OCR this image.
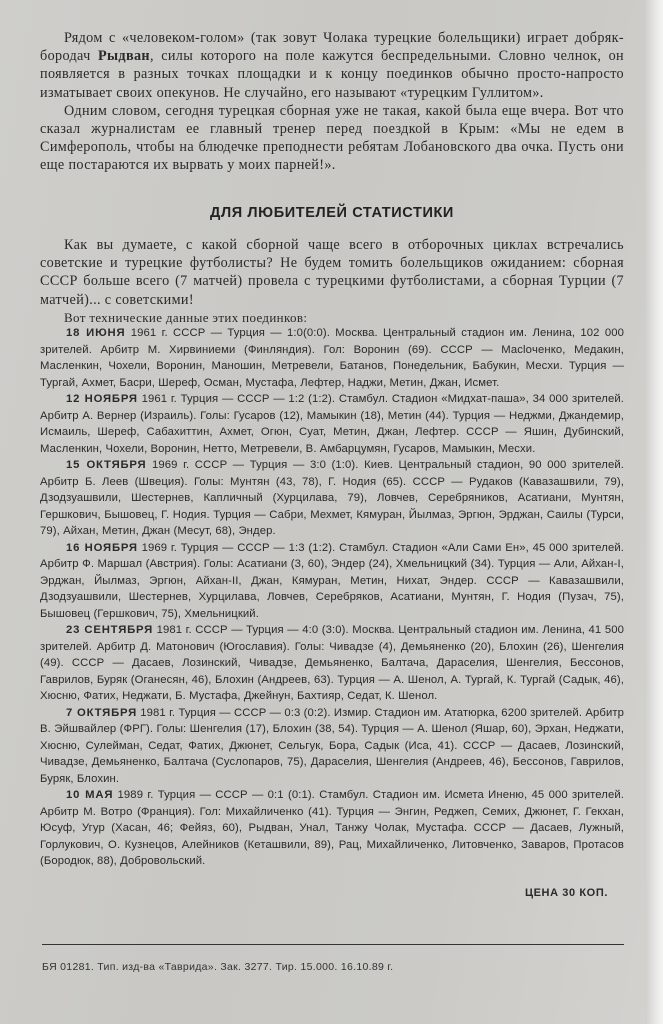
Рядом с «человеком-голом» (так зовут Чолака турецкие болельщики) играет добряк-бородач Рыдван, силы которого на поле кажутся беспредельными. Словно челнок, он появляется в разных точках площадки и к концу поединков обычно просто-напросто изматывает своих опекунов. Не случайно, его называют «турецким Гуллитом».

Одним словом, сегодня турецкая сборная уже не такая, какой была еще вчера. Вот что сказал журналистам ее главный тренер перед поездкой в Крым: «Мы не едем в Симферополь, чтобы на блюдечке преподнести ребятам Лобановского два очка. Пусть они еще постараются их вырвать у моих парней!».

ДЛЯ ЛЮБИТЕЛЕЙ СТАТИСТИКИ

Как вы думаете, с какой сборной чаще всего в отборочных циклах встречались советские и турецкие футболисты? Не будем томить болельщиков ожиданием: сборная СССР больше всего (7 матчей) провела с турецкими футболистами, а сборная Турции (7 матчей)... с советскими!

Вот технические данные этих поединков:

18 ИЮНЯ 1961 г. СССР — Турция — 1:0(0:0). Москва. Центральный стадион им. Ленина, 102 000 зрителей. Арбитр М. Хирвиниеми (Финляндия). Гол: Воронин (69). СССР — Масloченко, Медакин, Масленкин, Чохели, Воронин, Маношин, Метревели, Батанов, Понедельник, Бабукин, Месхи. Турция — Тургай, Ахмет, Басри, Шереф, Осман, Мустафа, Лефтер, Наджи, Метин, Джан, Исмет.

12 НОЯБРЯ 1961 г. Турция — СССР — 1:2 (1:2). Стамбул. Стадион «Мидхат-паша», 34 000 зрителей. Арбитр А. Вернер (Израиль). Голы: Гусаров (12), Мамыкин (18), Метин (44). Турция — Неджми, Джандемир, Исмаиль, Шереф, Сабахиттин, Ахмет, Огюн, Суат, Метин, Джан, Лефтер. СССР — Яшин, Дубинский, Масленкин, Чохели, Воронин, Нетто, Метревели, В. Амбарцумян, Гусаров, Мамыкин, Месхи.

15 ОКТЯБРЯ 1969 г. СССР — Турция — 3:0 (1:0). Киев. Центральный стадион, 90 000 зрителей. Арбитр Б. Леев (Швеция). Голы: Мунтян (43, 78), Г. Нодия (65). СССР — Рудаков (Кавазашвили, 79), Дзодзуашвили, Шестернев, Капличный (Хурцилава, 79), Ловчев, Серебряников, Асатиани, Мунтян, Гершкович, Бышовец, Г. Нодия. Турция — Сабри, Мехмет, Кямуран, Йылмаз, Эргюн, Эрджан, Саилы (Турси, 79), Айхан, Метин, Джан (Месут, 68), Эндер.

16 НОЯБРЯ 1969 г. Турция — СССР — 1:3 (1:2). Стамбул. Стадион «Али Сами Ен», 45 000 зрителей. Арбитр Ф. Маршал (Австрия). Голы: Асатиани (3, 60), Эндер (24), Хмельницкий (34). Турция — Али, Айхан-I, Эрджан, Йылмаз, Эргюн, Айхан-II, Джан, Кямуран, Метин, Нихат, Эндер. СССР — Кавазашвили, Дзодзуашвили, Шестернев, Хурцилава, Ловчев, Серебряков, Асатиани, Мунтян, Г. Нодия (Пузач, 75), Бышовец (Гершкович, 75), Хмельницкий.

23 СЕНТЯБРЯ 1981 г. СССР — Турция — 4:0 (3:0). Москва. Центральный стадион им. Ленина, 41 500 зрителей. Арбитр Д. Матонович (Югославия). Голы: Чивадзе (4), Демьяненко (20), Блохин (26), Шенгелия (49). СССР — Дасаев, Лозинский, Чивадзе, Демьяненко, Балтача, Дараселия, Шенгелия, Бессонов, Гаврилов, Буряк (Оганесян, 46), Блохин (Андреев, 63). Турция — А. Шенол, А. Тургай, К. Тургай (Садык, 46), Хюсню, Фатих, Неджати, Б. Мустафа, Джейнун, Бахтияр, Седат, К. Шенол.

7 ОКТЯБРЯ 1981 г. Турция — СССР — 0:3 (0:2). Измир. Стадион им. Ататюрка, 6200 зрителей. Арбитр В. Эйшвайлер (ФРГ). Голы: Шенгелия (17), Блохин (38, 54). Турция — А. Шенол (Яшар, 60), Эрхан, Неджати, Хюсню, Сулейман, Седат, Фатих, Джюнет, Сельгук, Бора, Садык (Иса, 41). СССР — Дасаев, Лозинский, Чивадзе, Демьяненко, Балтача (Суслопаров, 75), Дараселия, Шенгелия (Андреев, 46), Бессонов, Гаврилов, Буряк, Блохин.

10 МАЯ 1989 г. Турция — СССР — 0:1 (0:1). Стамбул. Стадион им. Исмета Иненю, 45 000 зрителей. Арбитр М. Вотро (Франция). Гол: Михайличенко (41). Турция — Энгин, Реджеп, Семих, Джюнет, Г. Гекхан, Юсуф, Угур (Хасан, 46; Фейяз, 60), Рыдван, Унал, Танжу Чолак, Мустафа. СССР — Дасаев, Лужный, Горлукович, О. Кузнецов, Алейников (Кеташвили, 89), Рац, Михайличенко, Литовченко, Заваров, Протасов (Бородюк, 88), Добровольский.

ЦЕНА 30 КОП.
БЯ 01281. Тип. изд-ва «Таврида». Зак. 3277. Тир. 15.000. 16.10.89 г.
